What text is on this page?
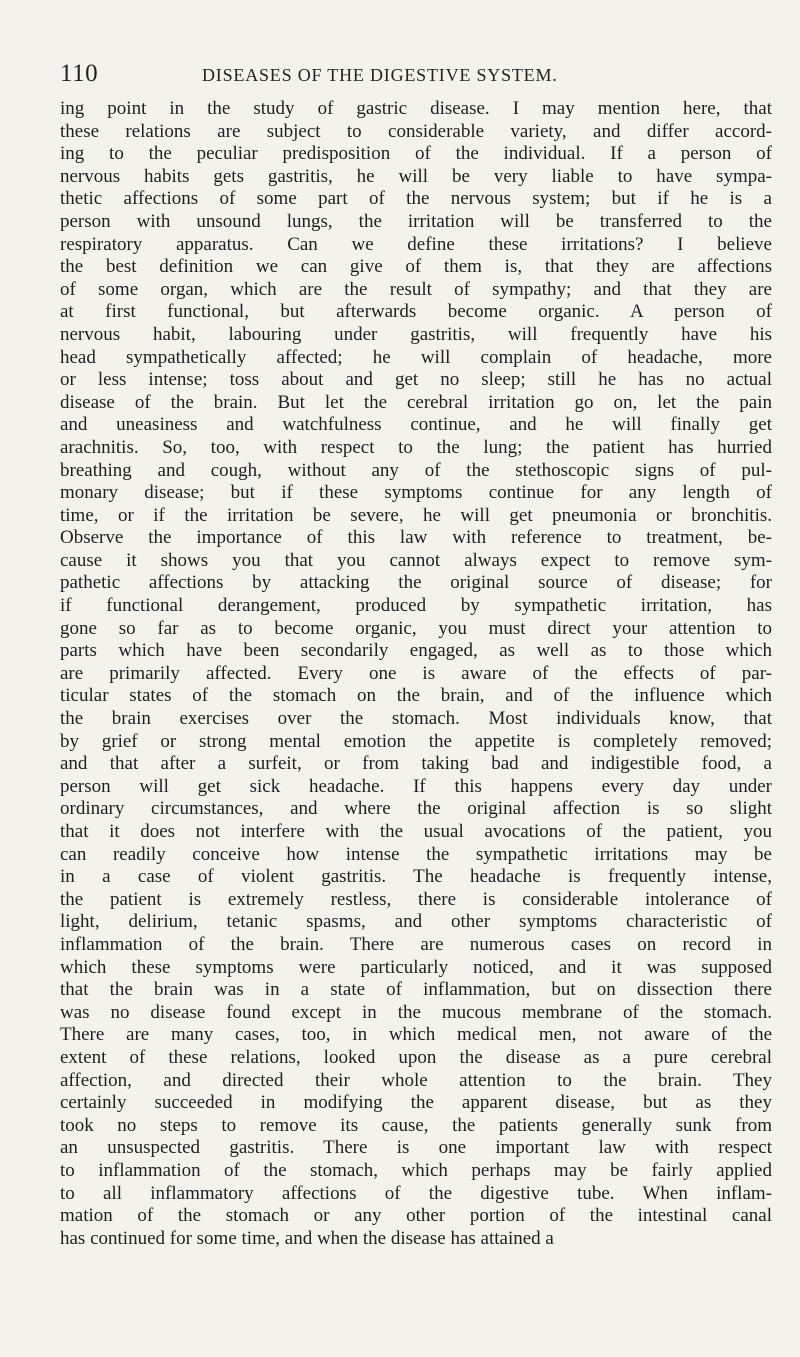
110	DISEASES OF THE DIGESTIVE SYSTEM.
ing point in the study of gastric disease. I may mention here, that
these relations are subject to considerable variety, and differ accord-
ing to the peculiar predisposition of the individual. If a person of
nervous habits gets gastritis, he will be very liable to have sympa-
thetic affections of some part of the nervous system; but if he is a
person with unsound lungs, the irritation will be transferred to the
respiratory apparatus. Can we define these irritations? I believe
the best definition we can give of them is, that they are affections
of some organ, which are the result of sympathy; and that they are
at first functional, but afterwards become organic. A person of
nervous habit, labouring under gastritis, will frequently have his
head sympathetically affected; he will complain of headache, more
or less intense; toss about and get no sleep; still he has no actual
disease of the brain. But let the cerebral irritation go on, let the pain
and uneasiness and watchfulness continue, and he will finally get
arachnitis. So, too, with respect to the lung; the patient has hurried
breathing and cough, without any of the stethoscopic signs of pul-
monary disease; but if these symptoms continue for any length of
time, or if the irritation be severe, he will get pneumonia or bronchitis.
Observe the importance of this law with reference to treatment, be-
cause it shows you that you cannot always expect to remove sym-
pathetic affections by attacking the original source of disease; for
if functional derangement, produced by sympathetic irritation, has
gone so far as to become organic, you must direct your attention to
parts which have been secondarily engaged, as well as to those which
are primarily affected. Every one is aware of the effects of par-
ticular states of the stomach on the brain, and of the influence which
the brain exercises over the stomach. Most individuals know, that
by grief or strong mental emotion the appetite is completely removed;
and that after a surfeit, or from taking bad and indigestible food, a
person will get sick headache. If this happens every day under
ordinary circumstances, and where the original affection is so slight
that it does not interfere with the usual avocations of the patient, you
can readily conceive how intense the sympathetic irritations may be
in a case of violent gastritis. The headache is frequently intense,
the patient is extremely restless, there is considerable intolerance of
light, delirium, tetanic spasms, and other symptoms characteristic of
inflammation of the brain. There are numerous cases on record in
which these symptoms were particularly noticed, and it was supposed
that the brain was in a state of inflammation, but on dissection there
was no disease found except in the mucous membrane of the stomach.
There are many cases, too, in which medical men, not aware of the
extent of these relations, looked upon the disease as a pure cerebral
affection, and directed their whole attention to the brain. They
certainly succeeded in modifying the apparent disease, but as they
took no steps to remove its cause, the patients generally sunk from
an unsuspected gastritis. There is one important law with respect
to inflammation of the stomach, which perhaps may be fairly applied
to all inflammatory affections of the digestive tube. When inflam-
mation of the stomach or any other portion of the intestinal canal
has continued for some time, and when the disease has attained a
